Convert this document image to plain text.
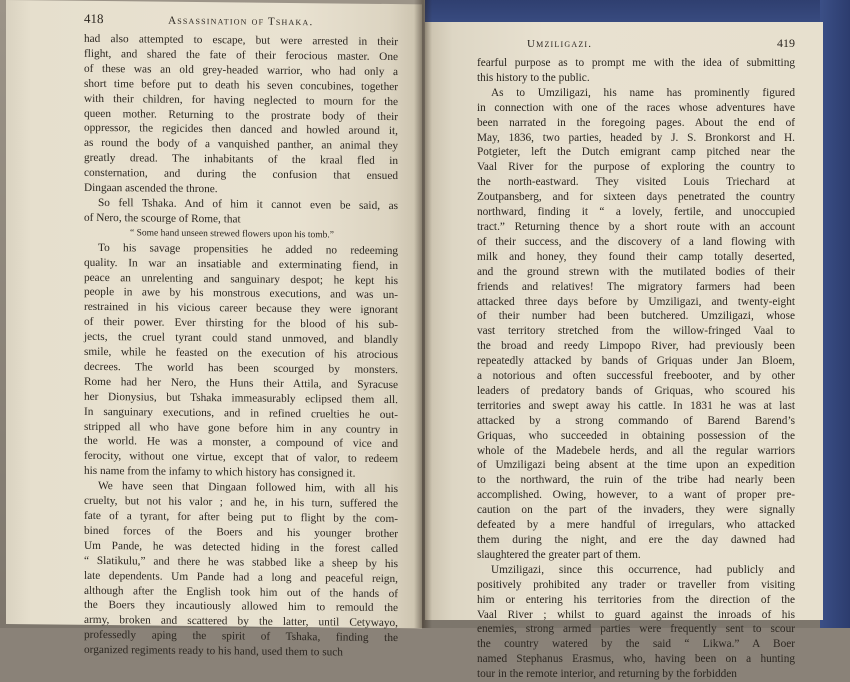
418	Assassination of Tshaka.
had also attempted to escape, but were arrested in their
flight, and shared the fate of their ferocious master. One
of these was an old grey-headed warrior, who had only a
short time before put to death his seven concubines, together
with their children, for having neglected to mourn for the
queen mother. Returning to the prostrate body of their
oppressor, the regicides then danced and howled around it,
as round the body of a vanquished panther, an animal they
greatly dread. The inhabitants of the kraal fled in
consternation, and during the confusion that ensued
Dingaan ascended the throne.
So fell Tshaka. And of him it cannot even be said, as
of Nero, the scourge of Rome, that
“ Some hand unseen strewed flowers upon his tomb.”
To his savage propensities he added no redeeming
quality. In war an insatiable and exterminating fiend, in
peace an unrelenting and sanguinary despot; he kept his
people in awe by his monstrous executions, and was un-
restrained in his vicious career because they were ignorant
of their power. Ever thirsting for the blood of his sub-
jects, the cruel tyrant could stand unmoved, and blandly
smile, while he feasted on the execution of his atrocious
decrees. The world has been scourged by monsters.
Rome had her Nero, the Huns their Attila, and Syracuse
her Dionysius, but Tshaka immeasurably eclipsed them all.
In sanguinary executions, and in refined cruelties he out-
stripped all who have gone before him in any country in
the world. He was a monster, a compound of vice and
ferocity, without one virtue, except that of valor, to redeem
his name from the infamy to which history has consigned it.
We have seen that Dingaan followed him, with all his
cruelty, but not his valor ; and he, in his turn, suffered the
fate of a tyrant, for after being put to flight by the com-
bined forces of the Boers and his younger brother
Um Pande, he was detected hiding in the forest called
“ Slatikulu,” and there he was stabbed like a sheep by his
late dependents. Um Pande had a long and peaceful reign,
although after the English took him out of the hands of
the Boers they incautiously allowed him to remould the
army, broken and scattered by the latter, until Cetywayo,
professedly aping the spirit of Tshaka, finding the
organized regiments ready to his hand, used them to such
Umziligazi.	419
fearful purpose as to prompt me with the idea of submitting
this history to the public.
As to Umziligazi, his name has prominently figured
in connection with one of the races whose adventures have
been narrated in the foregoing pages. About the end of
May, 1836, two parties, headed by J. S. Bronkorst and H.
Potgieter, left the Dutch emigrant camp pitched near the
Vaal River for the purpose of exploring the country to
the north-eastward. They visited Louis Triechard at
Zoutpansberg, and for sixteen days penetrated the country
northward, finding it “ a lovely, fertile, and unoccupied
tract.” Returning thence by a short route with an account
of their success, and the discovery of a land flowing with
milk and honey, they found their camp totally deserted,
and the ground strewn with the mutilated bodies of their
friends and relatives! The migratory farmers had been
attacked three days before by Umziligazi, and twenty-eight
of their number had been butchered. Umziligazi, whose
vast territory stretched from the willow-fringed Vaal to
the broad and reedy Limpopo River, had previously been
repeatedly attacked by bands of Griquas under Jan Bloem,
a notorious and often successful freebooter, and by other
leaders of predatory bands of Griquas, who scoured his
territories and swept away his cattle. In 1831 he was at last
attacked by a strong commando of Barend Barend’s
Griquas, who succeeded in obtaining possession of the
whole of the Madebele herds, and all the regular warriors
of Umziligazi being absent at the time upon an expedition
to the northward, the ruin of the tribe had nearly been
accomplished. Owing, however, to a want of proper pre-
caution on the part of the invaders, they were signally
defeated by a mere handful of irregulars, who attacked
them during the night, and ere the day dawned had
slaughtered the greater part of them.
Umziligazi, since this occurrence, had publicly and
positively prohibited any trader or traveller from visiting
him or entering his territories from the direction of the
Vaal River ; whilst to guard against the inroads of his
enemies, strong armed parties were frequently sent to scour
the country watered by the said “ Likwa.” A Boer
named Stephanus Erasmus, who, having been on a hunting
tour in the remote interior, and returning by the forbidden
